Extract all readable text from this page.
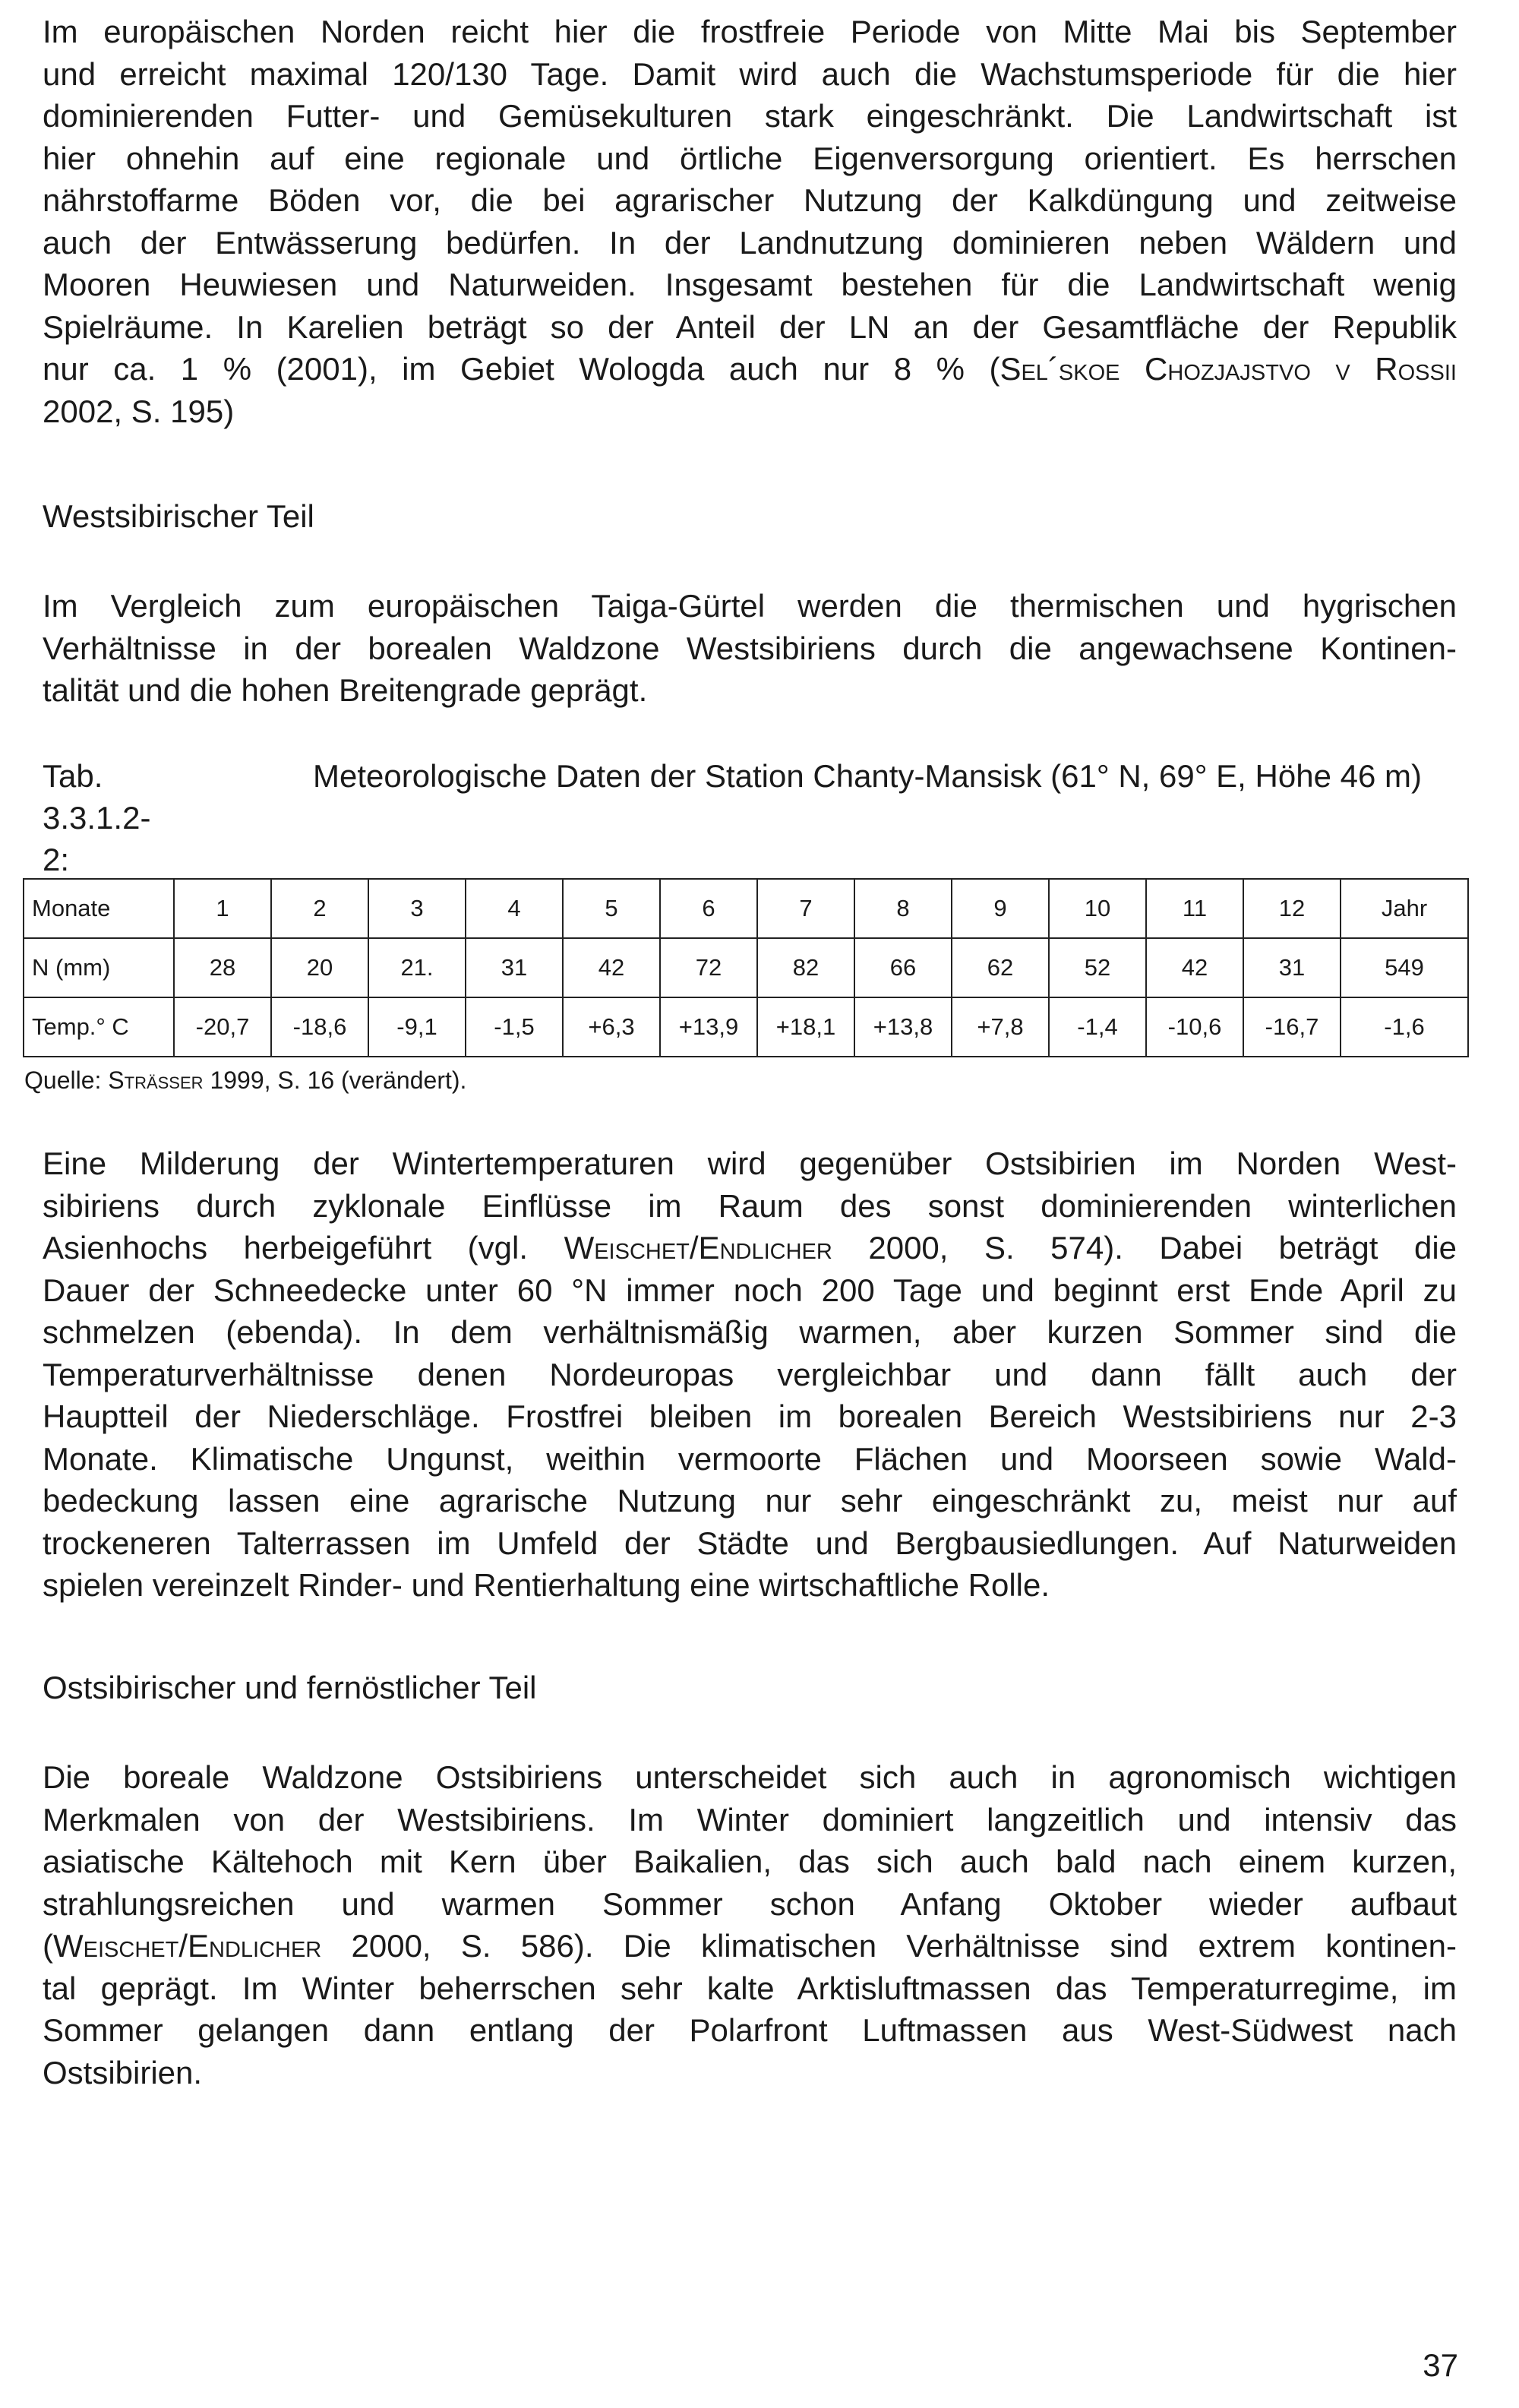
Im europäischen Norden reicht hier die frostfreie Periode von Mitte Mai bis September
und erreicht maximal 120/130 Tage. Damit wird auch die Wachstumsperiode für die hier
dominierenden Futter- und Gemüsekulturen stark eingeschränkt. Die Landwirtschaft ist
hier ohnehin auf eine regionale und örtliche Eigenversorgung orientiert. Es herrschen
nährstoffarme Böden vor, die bei agrarischer Nutzung der Kalkdüngung und zeitweise
auch der Entwässerung bedürfen. In der Landnutzung dominieren neben Wäldern und
Mooren Heuwiesen und Naturweiden. Insgesamt bestehen für die Landwirtschaft wenig
Spielräume. In Karelien beträgt so der Anteil der LN an der Gesamtfläche der Republik
nur ca. 1 % (2001), im Gebiet Wologda auch nur 8 % (Sel´skoe Chozjajstvo v Rossii
2002, S. 195)
Westsibirischer Teil
Im Vergleich zum europäischen Taiga-Gürtel werden die thermischen und hygrischen
Verhältnisse in der borealen Waldzone Westsibiriens durch die angewachsene Kontinen-
talität und die hohen Breitengrade geprägt.
Tab. 3.3.1.2-2:
Meteorologische Daten der Station Chanty-Mansisk (61° N, 69° E, Höhe 46 m)
Monate	1	2	3	4	5	6	7	8	9	10	11	12	Jahr
N (mm)	28	20	21.	31	42	72	82	66	62	52	42	31	549
Temp.° C	-20,7	-18,6	-9,1	-1,5	+6,3	+13,9	+18,1	+13,8	+7,8	-1,4	-10,6	-16,7	-1,6
Quelle: Sträßer 1999, S. 16 (verändert).
Eine Milderung der Wintertemperaturen wird gegenüber Ostsibirien im Norden West-
sibiriens durch zyklonale Einflüsse im Raum des sonst dominierenden winterlichen
Asienhochs herbeigeführt (vgl. Weischet/Endlicher 2000, S. 574). Dabei beträgt die
Dauer der Schneedecke unter 60 °N immer noch 200 Tage und beginnt erst Ende April zu
schmelzen (ebenda). In dem verhältnismäßig warmen, aber kurzen Sommer sind die
Temperaturverhältnisse denen Nordeuropas vergleichbar und dann fällt auch der
Hauptteil der Niederschläge. Frostfrei bleiben im borealen Bereich Westsibiriens nur 2-3
Monate. Klimatische Ungunst, weithin vermoorte Flächen und Moorseen sowie Wald-
bedeckung lassen eine agrarische Nutzung nur sehr eingeschränkt zu, meist nur auf
trockeneren Talterrassen im Umfeld der Städte und Bergbausiedlungen. Auf Naturweiden
spielen vereinzelt Rinder- und Rentierhaltung eine wirtschaftliche Rolle.
Ostsibirischer und fernöstlicher Teil
Die boreale Waldzone Ostsibiriens unterscheidet sich auch in agronomisch wichtigen
Merkmalen von der Westsibiriens. Im Winter dominiert langzeitlich und intensiv das
asiatische Kältehoch mit Kern über Baikalien, das sich auch bald nach einem kurzen,
strahlungsreichen und warmen Sommer schon Anfang Oktober wieder aufbaut
(Weischet/Endlicher 2000, S. 586). Die klimatischen Verhältnisse sind extrem kontinen-
tal geprägt. Im Winter beherrschen sehr kalte Arktisluftmassen das Temperaturregime, im
Sommer gelangen dann entlang der Polarfront Luftmassen aus West-Südwest nach
Ostsibirien.
37
